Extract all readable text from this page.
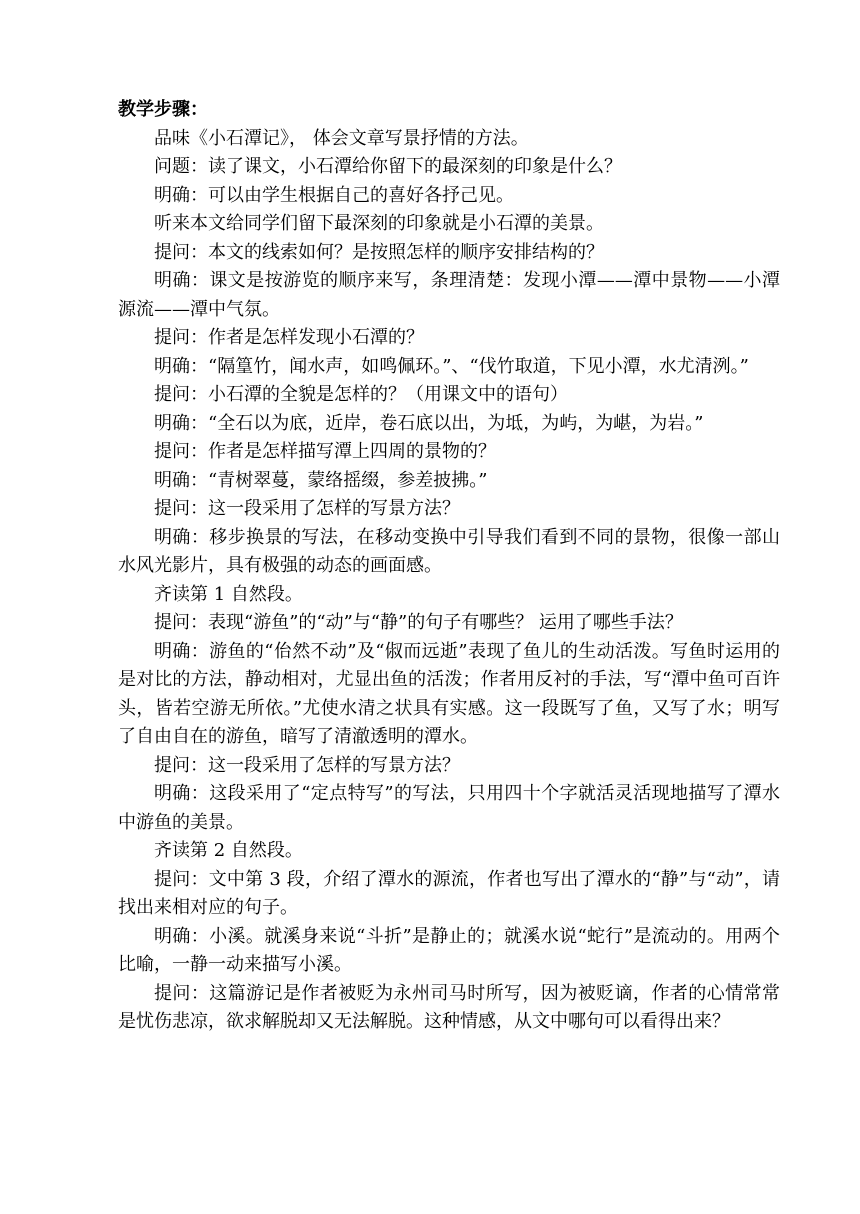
教学步骤：

品味《小石潭记》， 体会文章写景抒情的方法。

问题：读了课文，小石潭给你留下的最深刻的印象是什么？

明确：可以由学生根据自己的喜好各抒己见。

听来本文给同学们留下最深刻的印象就是小石潭的美景。

提问：本文的线索如何？是按照怎样的顺序安排结构的？

明确：课文是按游览的顺序来写，条理清楚：发现小潭——潭中景物——小潭源流——潭中气氛。

提问：作者是怎样发现小石潭的？

明确：“隔篁竹，闻水声，如鸣佩环。”、“伐竹取道，下见小潭，水尤清洌。”

提问：小石潭的全貌是怎样的？（用课文中的语句）

明确：“全石以为底，近岸，卷石底以出，为坻，为屿，为嵁，为岩。”

提问：作者是怎样描写潭上四周的景物的？

明确：“青树翠蔓，蒙络摇缀，参差披拂。”

提问：这一段采用了怎样的写景方法？

明确：移步换景的写法，在移动变换中引导我们看到不同的景物，很像一部山水风光影片，具有极强的动态的画面感。

齐读第 1 自然段。

提问：表现“游鱼”的“动”与“静”的句子有哪些？ 运用了哪些手法？

明确：游鱼的“佁然不动”及“俶而远逝”表现了鱼儿的生动活泼。写鱼时运用的是对比的方法，静动相对，尤显出鱼的活泼；作者用反衬的手法，写“潭中鱼可百许头，皆若空游无所依。”尤使水清之状具有实感。这一段既写了鱼，又写了水；明写了自由自在的游鱼，暗写了清澈透明的潭水。

提问：这一段采用了怎样的写景方法？

明确：这段采用了“定点特写”的写法，只用四十个字就活灵活现地描写了潭水中游鱼的美景。

齐读第 2 自然段。

提问：文中第 3 段，介绍了潭水的源流，作者也写出了潭水的“静”与“动”，请找出来相对应的句子。

明确：小溪。就溪身来说“斗折”是静止的；就溪水说“蛇行”是流动的。用两个比喻，一静一动来描写小溪。

提问：这篇游记是作者被贬为永州司马时所写，因为被贬谪，作者的心情常常是忧伤悲凉，欲求解脱却又无法解脱。这种情感，从文中哪句可以看得出来？
